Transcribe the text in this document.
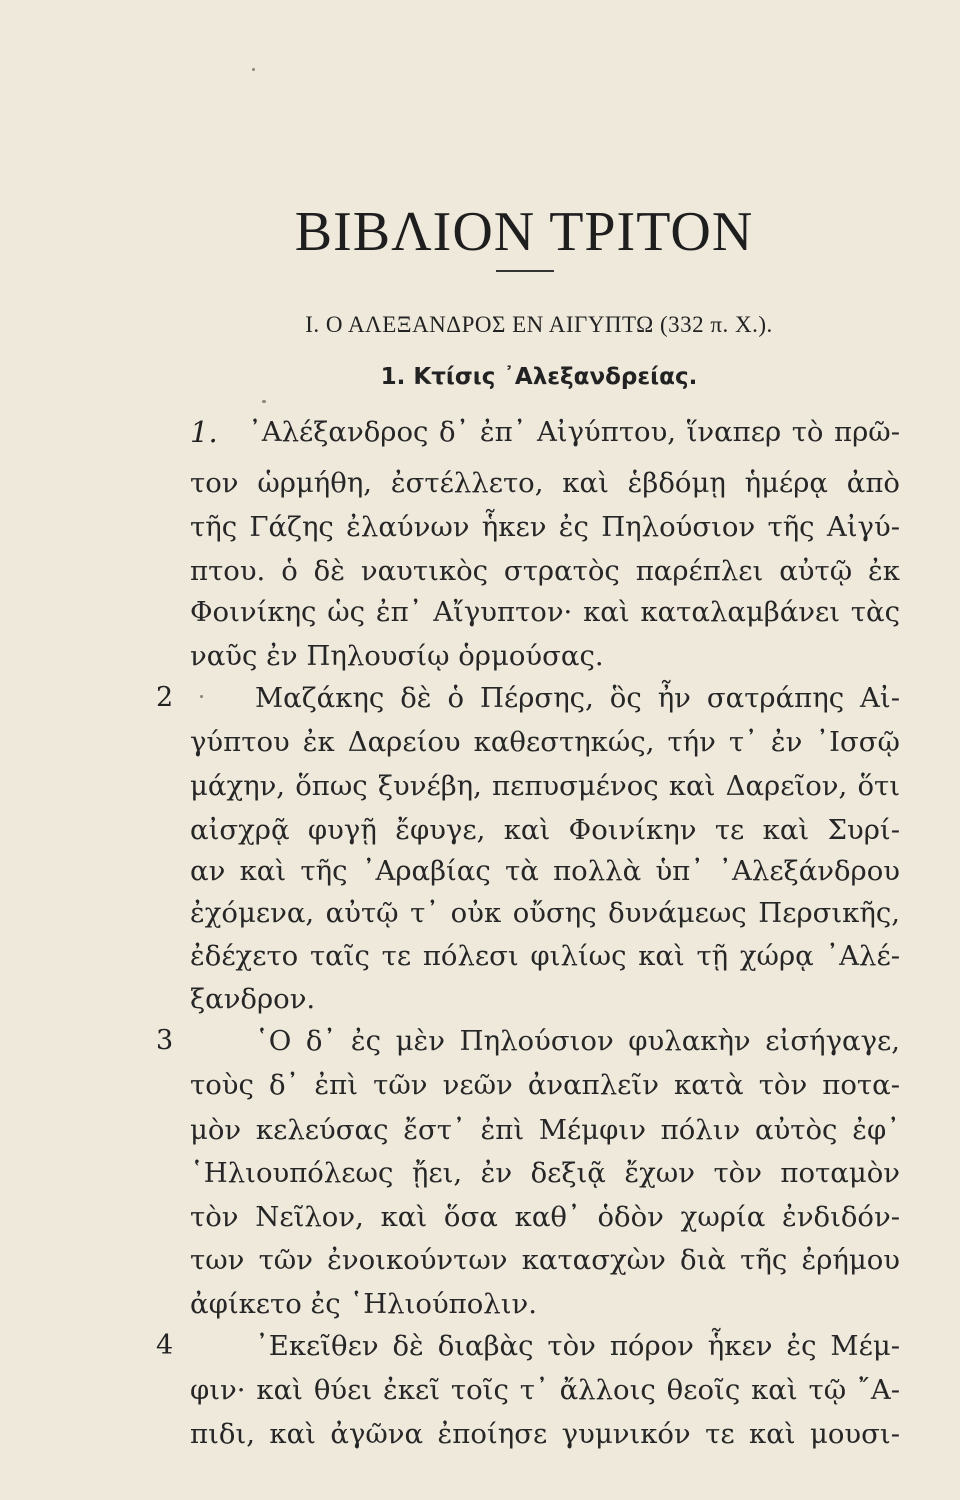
ΒΙΒΛΙΟΝ ΤΡΙΤΟΝ
I. Ο ΑΛΕΞΑΝΔΡΟΣ ΕΝ ΑΙΓΥΠΤΩ (332 π. Χ.).
1. Κτίσις ᾿Αλεξανδρείας.
1. ᾿Αλέξανδρος δ᾿ ἐπ᾿ Αἰγύπτου, ἵναπερ τὸ πρῶ-
τον ὡρμήθη, ἐστέλλετο, καὶ ἑβδόμῃ ἡμέρᾳ ἀπὸ
τῆς Γάζης ἐλαύνων ἧκεν ἐς Πηλούσιον τῆς Αἰγύ-
πτου. ὁ δὲ ναυτικὸς στρατὸς παρέπλει αὐτῷ ἐκ
Φοινίκης ὡς ἐπ᾿ Αἴγυπτον· καὶ καταλαμβάνει τὰς
ναῦς ἐν Πηλουσίῳ ὁρμούσας.
2	Μαζάκης δὲ ὁ Πέρσης, ὃς ἦν σατράπης Αἰ-
γύπτου ἐκ Δαρείου καθεστηκώς, τήν τ᾿ ἐν ᾿Ισσῷ
μάχην, ὅπως ξυνέβη, πεπυσμένος καὶ Δαρεῖον, ὅτι
αἰσχρᾷ φυγῇ ἔφυγε, καὶ Φοινίκην τε καὶ Συρί-
αν καὶ τῆς ᾿Αραβίας τὰ πολλὰ ὑπ᾿ ᾿Αλεξάνδρου
ἐχόμενα, αὐτῷ τ᾿ οὐκ οὔσης δυνάμεως Περσικῆς,
ἐδέχετο ταῖς τε πόλεσι φιλίως καὶ τῇ χώρᾳ ᾿Αλέ-
ξανδρον.
3	῾Ο δ᾿ ἐς μὲν Πηλούσιον φυλακὴν εἰσήγαγε,
τοὺς δ᾿ ἐπὶ τῶν νεῶν ἀναπλεῖν κατὰ τὸν ποτα-
μὸν κελεύσας ἔστ᾿ ἐπὶ Μέμφιν πόλιν αὐτὸς ἐφ᾿
῾Ηλιουπόλεως ᾔει, ἐν δεξιᾷ ἔχων τὸν ποταμὸν
τὸν Νεῖλον, καὶ ὅσα καθ᾿ ὁδὸν χωρία ἐνδιδόν-
των τῶν ἐνοικούντων κατασχὼν διὰ τῆς ἐρήμου
ἀφίκετο ἐς ῾Ηλιούπολιν.
4	᾿Εκεῖθεν δὲ διαβὰς τὸν πόρον ἧκεν ἐς Μέμ-
φιν· καὶ θύει ἐκεῖ τοῖς τ᾿ ἄλλοις θεοῖς καὶ τῷ ῎Α-
πιδι, καὶ ἀγῶνα ἐποίησε γυμνικόν τε καὶ μουσι-
